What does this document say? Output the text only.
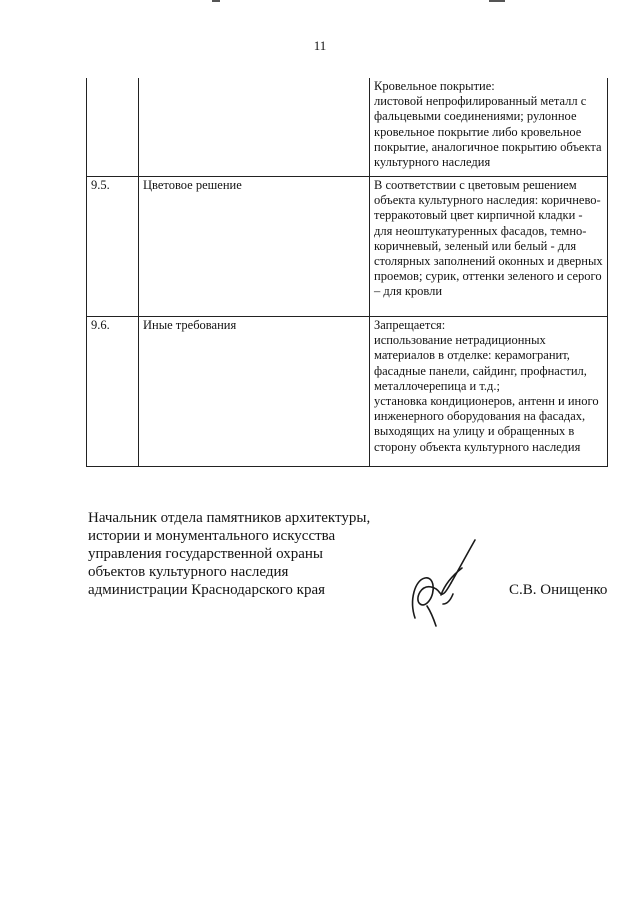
11
		Кровельное покрытие:
листовой непрофилированный металл с фальцевыми соединениями; рулонное кровельное покрытие либо кровельное покрытие, аналогичное покрытию объекта культурного наследия
9.5.	Цветовое решение	В соответствии с цветовым решением объекта культурного наследия: коричнево-терракотовый цвет кирпичной кладки - для неоштукатуренных фасадов, темно-коричневый, зеленый или белый - для столярных заполнений оконных и дверных проемов; сурик, оттенки зеленого и серого – для кровли
9.6.	Иные требования	Запрещается:
использование нетрадиционных материалов в отделке: керамогранит, фасадные панели, сайдинг, профнастил, металлочерепица и т.д.;
установка кондиционеров, антенн и иного инженерного оборудования на фасадах, выходящих на улицу и обращенных в сторону объекта культурного наследия
Начальник отдела памятников архитектуры,
истории и монументального искусства
управления государственной охраны
объектов культурного наследия
администрации Краснодарского края	С.В. Онищенко
